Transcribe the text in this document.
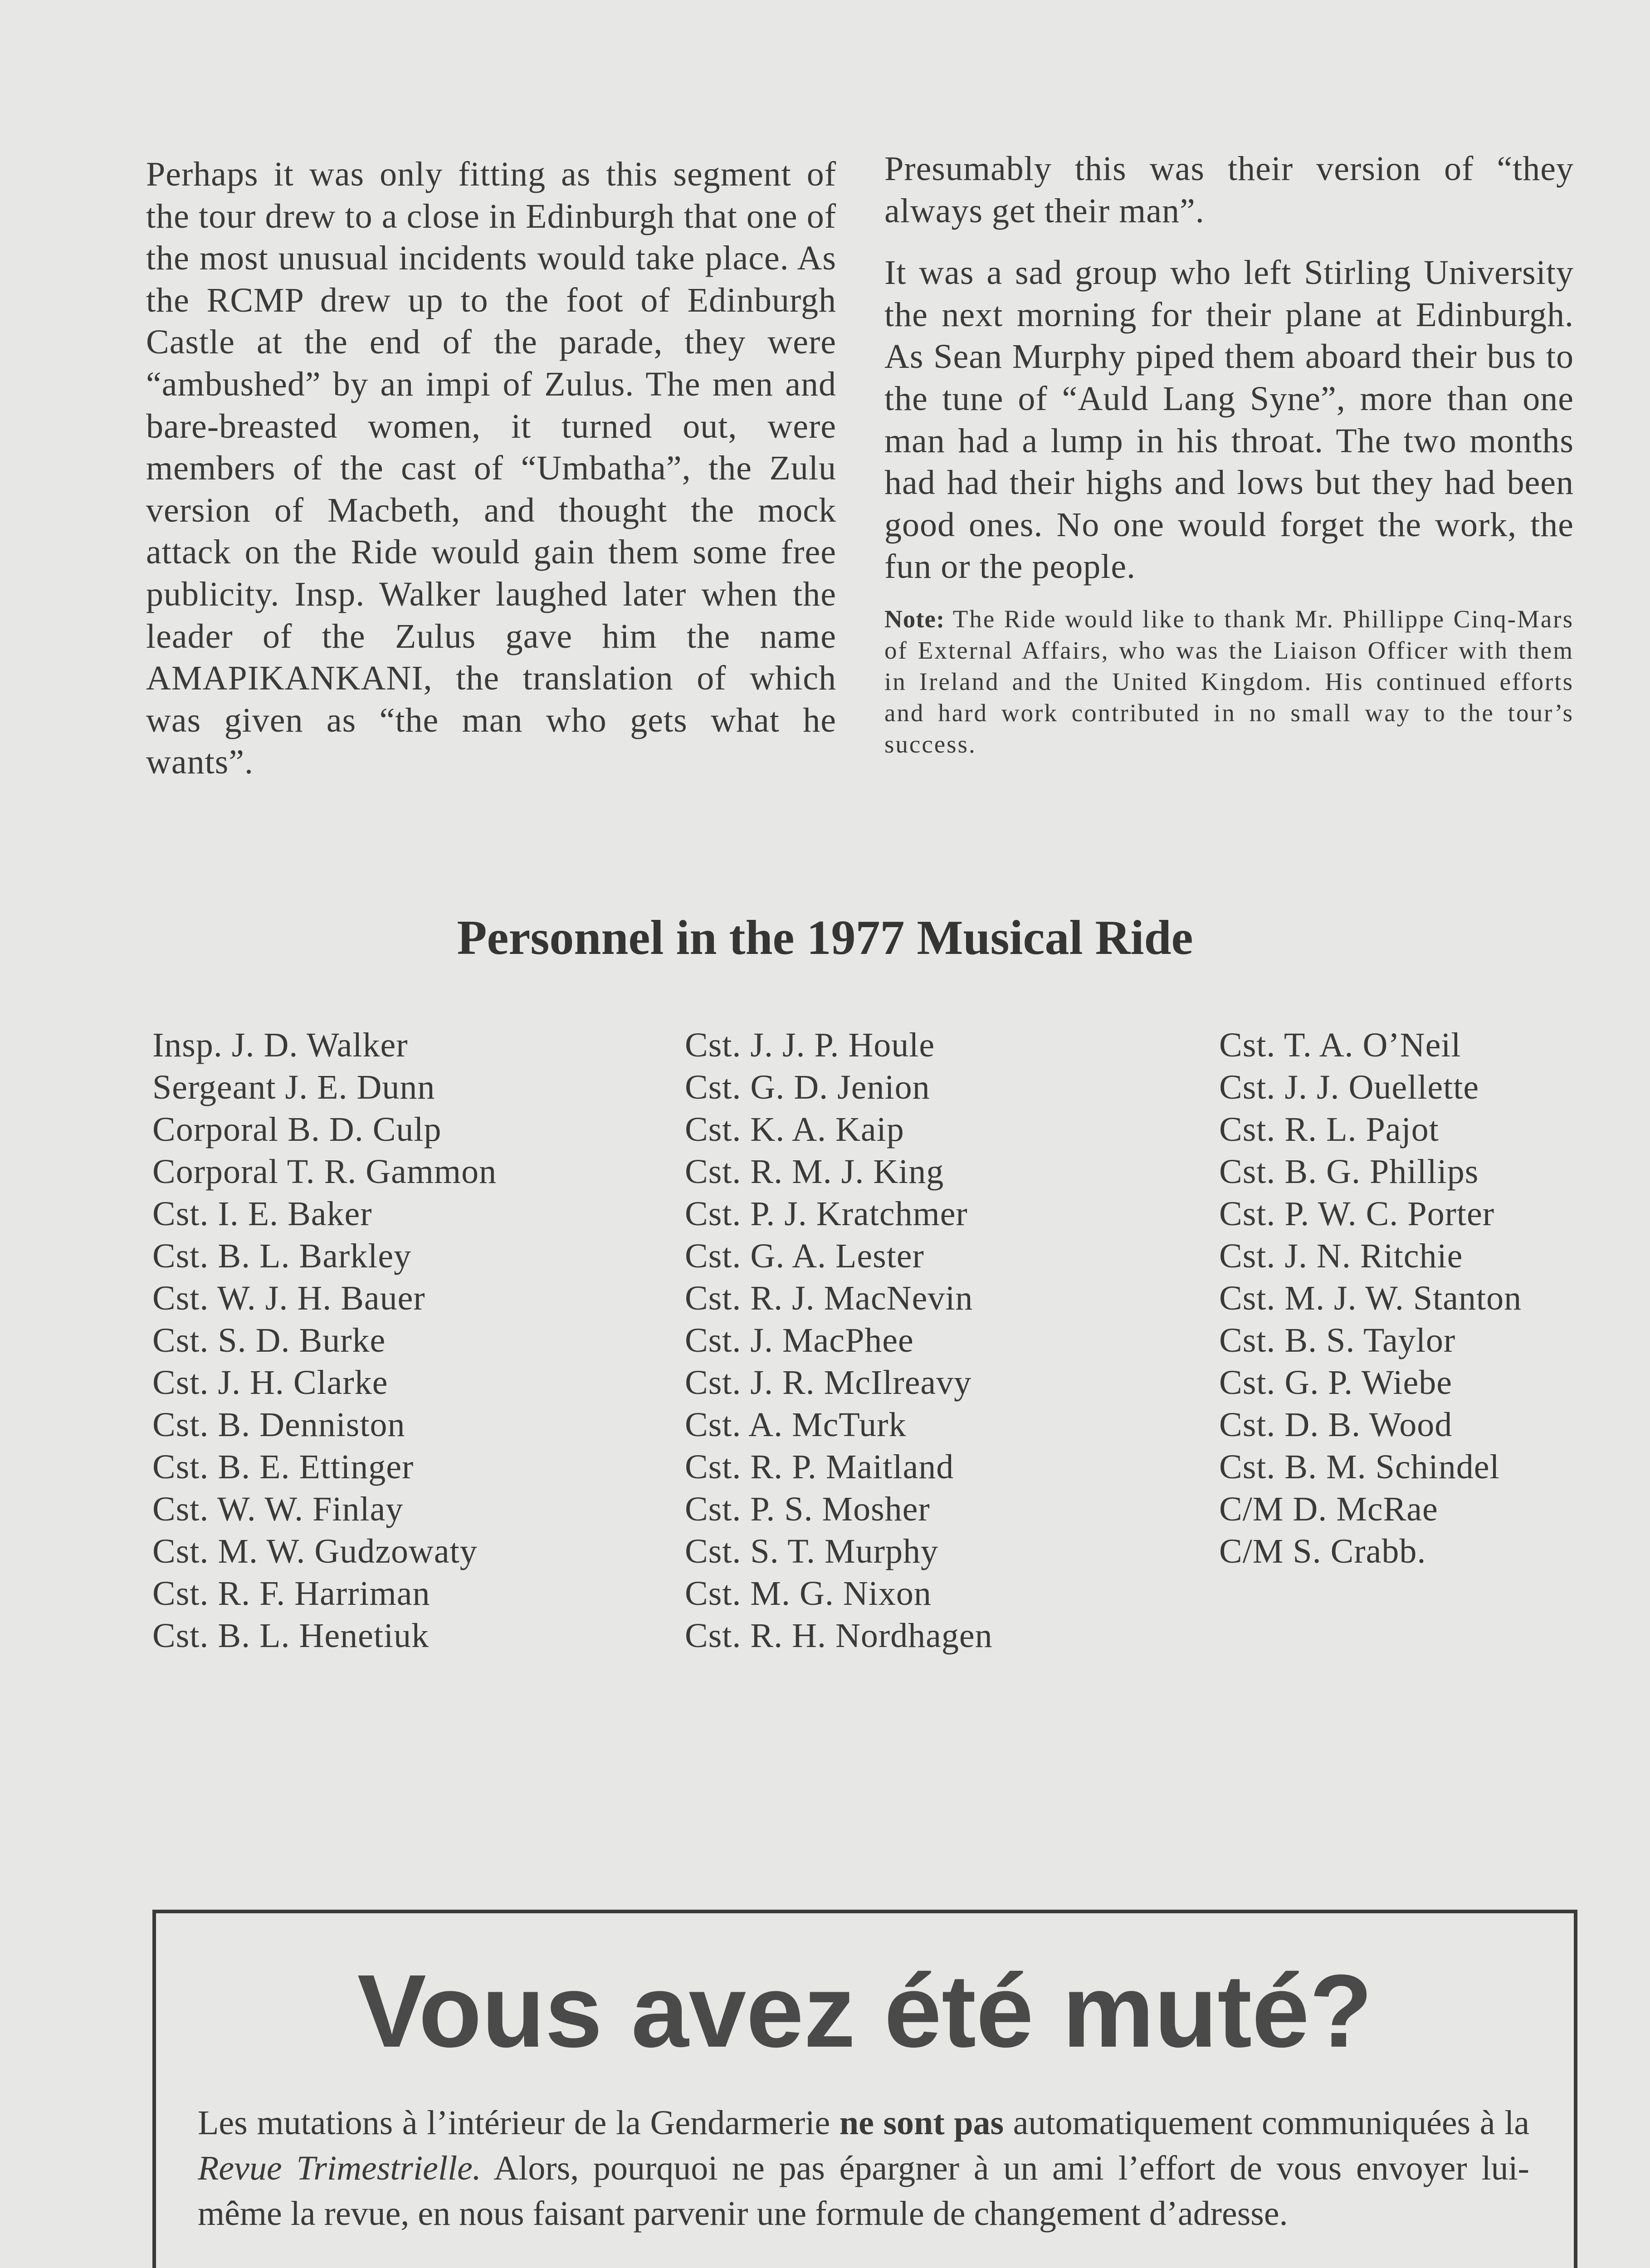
Perhaps it was only fitting as this segment of the tour drew to a close in Edinburgh that one of the most unusual incidents would take place. As the RCMP drew up to the foot of Edinburgh Castle at the end of the parade, they were “ambushed” by an impi of Zulus. The men and bare-breasted women, it turned out, were members of the cast of “Umbatha”, the Zulu version of Macbeth, and thought the mock attack on the Ride would gain them some free publicity. Insp. Walker laughed later when the leader of the Zulus gave him the name AMAPIKANKANI, the translation of which was given as “the man who gets what he wants”.

Presumably this was their version of “they always get their man”.

It was a sad group who left Stirling University the next morning for their plane at Edinburgh. As Sean Murphy piped them aboard their bus to the tune of “Auld Lang Syne”, more than one man had a lump in his throat. The two months had had their highs and lows but they had been good ones. No one would forget the work, the fun or the people.

Note: The Ride would like to thank Mr. Phillippe Cinq-Mars of External Affairs, who was the Liaison Officer with them in Ireland and the United Kingdom. His continued efforts and hard work contributed in no small way to the tour’s success.

Personnel in the 1977 Musical Ride
Insp. J. D. Walker
Sergeant J. E. Dunn
Corporal B. D. Culp
Corporal T. R. Gammon
Cst. I. E. Baker
Cst. B. L. Barkley
Cst. W. J. H. Bauer
Cst. S. D. Burke
Cst. J. H. Clarke
Cst. B. Denniston
Cst. B. E. Ettinger
Cst. W. W. Finlay
Cst. M. W. Gudzowaty
Cst. R. F. Harriman
Cst. B. L. Henetiuk
Cst. J. J. P. Houle
Cst. G. D. Jenion
Cst. K. A. Kaip
Cst. R. M. J. King
Cst. P. J. Kratchmer
Cst. G. A. Lester
Cst. R. J. MacNevin
Cst. J. MacPhee
Cst. J. R. McIlreavy
Cst. A. McTurk
Cst. R. P. Maitland
Cst. P. S. Mosher
Cst. S. T. Murphy
Cst. M. G. Nixon
Cst. R. H. Nordhagen
Cst. T. A. O’Neil
Cst. J. J. Ouellette
Cst. R. L. Pajot
Cst. B. G. Phillips
Cst. P. W. C. Porter
Cst. J. N. Ritchie
Cst. M. J. W. Stanton
Cst. B. S. Taylor
Cst. G. P. Wiebe
Cst. D. B. Wood
Cst. B. M. Schindel
C/M D. McRae
C/M S. Crabb.
Vous avez été muté?

Les mutations à l’intérieur de la Gendarmerie ne sont pas automatiquement communiquées à la Revue Trimestrielle. Alors, pourquoi ne pas épargner à un ami l’effort de vous envoyer lui-même la revue, en nous faisant parvenir une formule de changement d’adresse.
